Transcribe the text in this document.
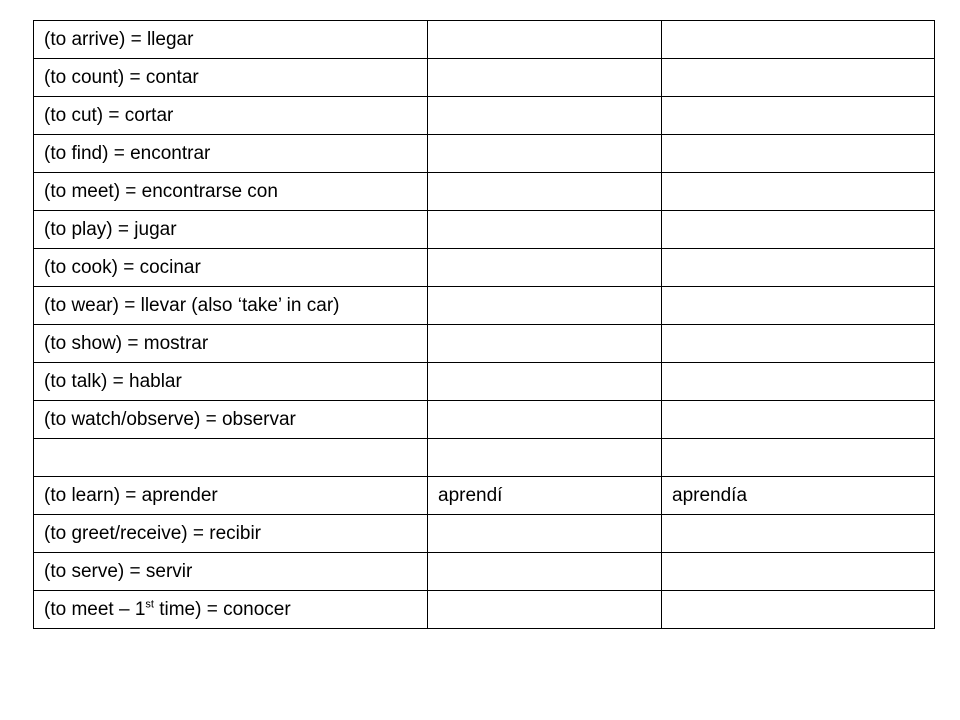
(to arrive) = llegar		
(to count) = contar		
(to cut) = cortar		
(to find) = encontrar		
(to meet) = encontrarse con		
(to play) = jugar		
(to cook) = cocinar		
(to wear) = llevar (also ‘take’ in car)		
(to show) = mostrar		
(to talk) = hablar		
(to watch/observe) = observar		

(to learn) = aprender	aprendí	aprendía
(to greet/receive) = recibir		
(to serve) = servir		
(to meet – 1st time) = conocer		
